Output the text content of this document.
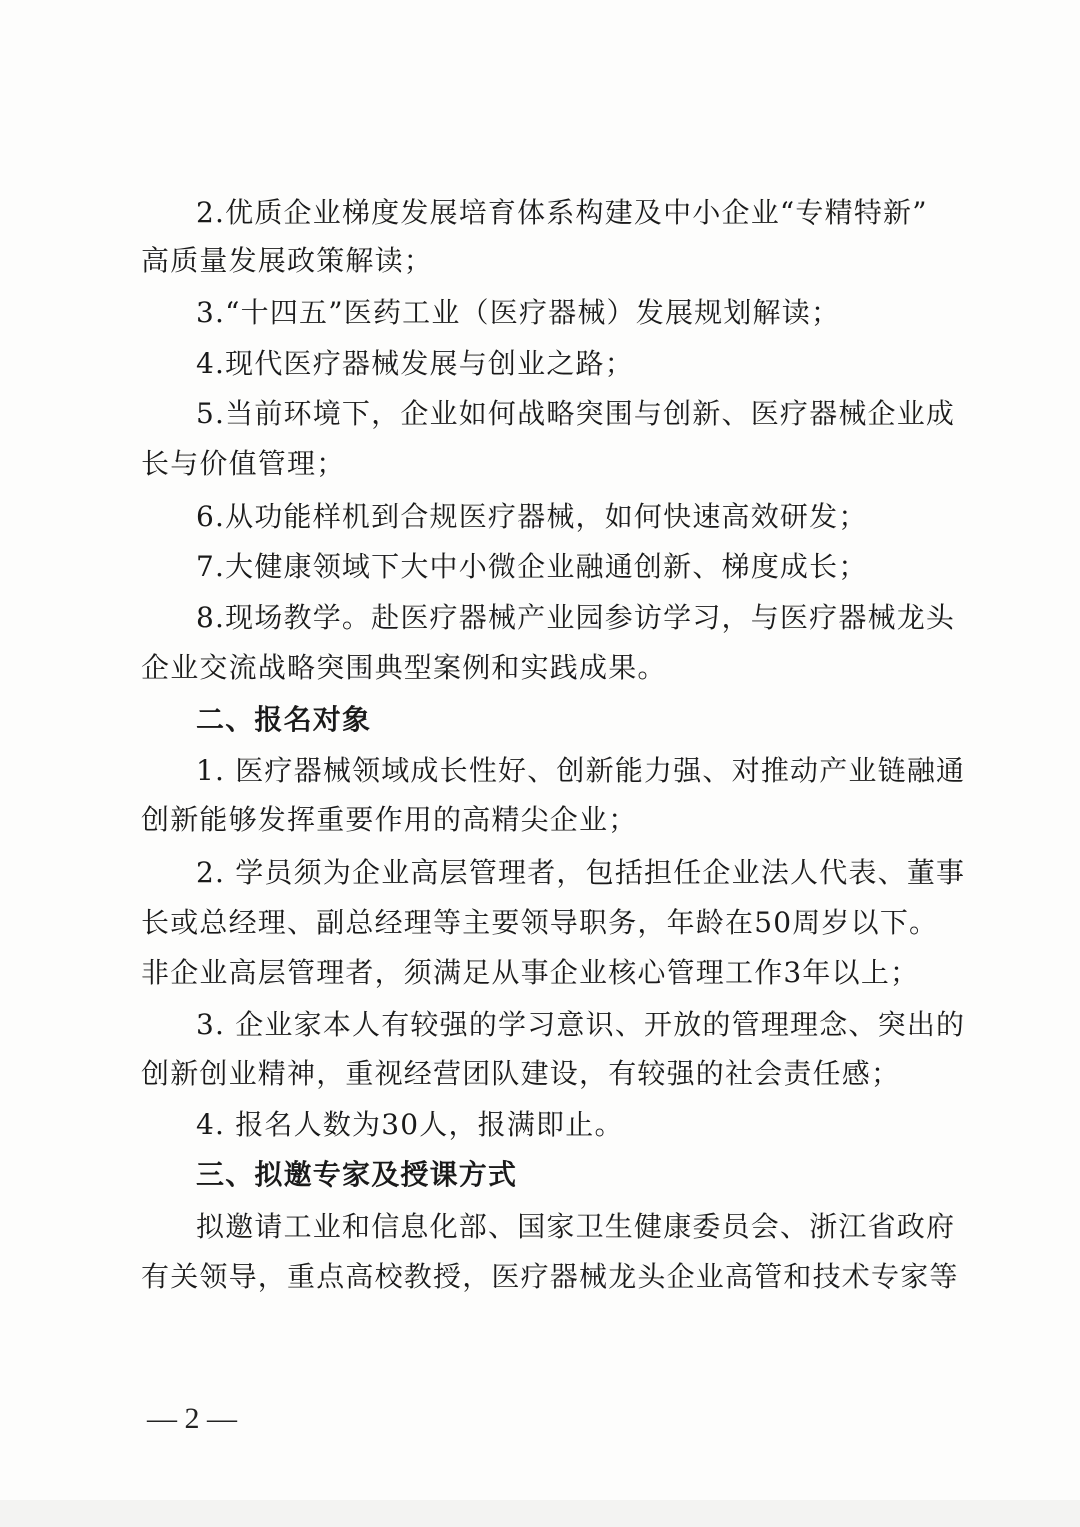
2.优质企业梯度发展培育体系构建及中小企业“专精特新”
高质量发展政策解读；
3.“十四五”医药工业（医疗器械）发展规划解读；
4.现代医疗器械发展与创业之路；
5.当前环境下，企业如何战略突围与创新、医疗器械企业成
长与价值管理；
6.从功能样机到合规医疗器械，如何快速高效研发；
7.大健康领域下大中小微企业融通创新、梯度成长；
8.现场教学。赴医疗器械产业园参访学习，与医疗器械龙头
企业交流战略突围典型案例和实践成果。
二、报名对象
1. 医疗器械领域成长性好、创新能力强、对推动产业链融通
创新能够发挥重要作用的高精尖企业；
2. 学员须为企业高层管理者，包括担任企业法人代表、董事
长或总经理、副总经理等主要领导职务，年龄在50周岁以下。
非企业高层管理者，须满足从事企业核心管理工作3年以上；
3. 企业家本人有较强的学习意识、开放的管理理念、突出的
创新创业精神，重视经营团队建设，有较强的社会责任感；
4. 报名人数为30人，报满即止。
三、拟邀专家及授课方式
拟邀请工业和信息化部、国家卫生健康委员会、浙江省政府
有关领导，重点高校教授，医疗器械龙头企业高管和技术专家等
— 2 —
